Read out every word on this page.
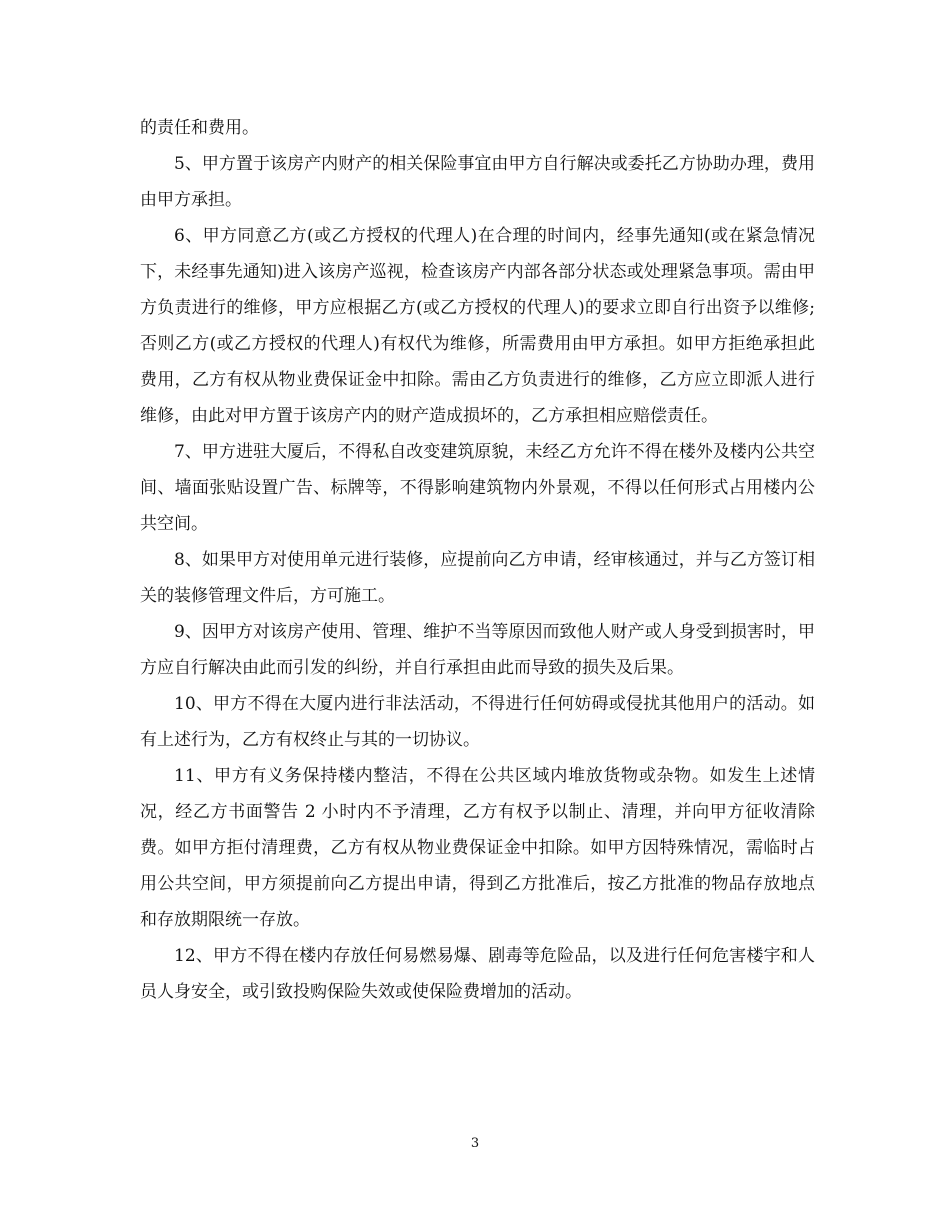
的责任和费用。

5、甲方置于该房产内财产的相关保险事宜由甲方自行解决或委托乙方协助办理，费用由甲方承担。

6、甲方同意乙方(或乙方授权的代理人)在合理的时间内，经事先通知(或在紧急情况下，未经事先通知)进入该房产巡视，检查该房产内部各部分状态或处理紧急事项。需由甲方负责进行的维修，甲方应根据乙方(或乙方授权的代理人)的要求立即自行出资予以维修;否则乙方(或乙方授权的代理人)有权代为维修，所需费用由甲方承担。如甲方拒绝承担此费用，乙方有权从物业费保证金中扣除。需由乙方负责进行的维修，乙方应立即派人进行维修，由此对甲方置于该房产内的财产造成损坏的，乙方承担相应赔偿责任。

7、甲方进驻大厦后，不得私自改变建筑原貌，未经乙方允许不得在楼外及楼内公共空间、墙面张贴设置广告、标牌等，不得影响建筑物内外景观，不得以任何形式占用楼内公共空间。

8、如果甲方对使用单元进行装修，应提前向乙方申请，经审核通过，并与乙方签订相关的装修管理文件后，方可施工。

9、因甲方对该房产使用、管理、维护不当等原因而致他人财产或人身受到损害时，甲方应自行解决由此而引发的纠纷，并自行承担由此而导致的损失及后果。

10、甲方不得在大厦内进行非法活动，不得进行任何妨碍或侵扰其他用户的活动。如有上述行为，乙方有权终止与其的一切协议。

11、甲方有义务保持楼内整洁，不得在公共区域内堆放货物或杂物。如发生上述情况，经乙方书面警告 2 小时内不予清理，乙方有权予以制止、清理，并向甲方征收清除费。如甲方拒付清理费，乙方有权从物业费保证金中扣除。如甲方因特殊情况，需临时占用公共空间，甲方须提前向乙方提出申请，得到乙方批准后，按乙方批准的物品存放地点和存放期限统一存放。

12、甲方不得在楼内存放任何易燃易爆、剧毒等危险品，以及进行任何危害楼宇和人员人身安全，或引致投购保险失效或使保险费增加的活动。

3
